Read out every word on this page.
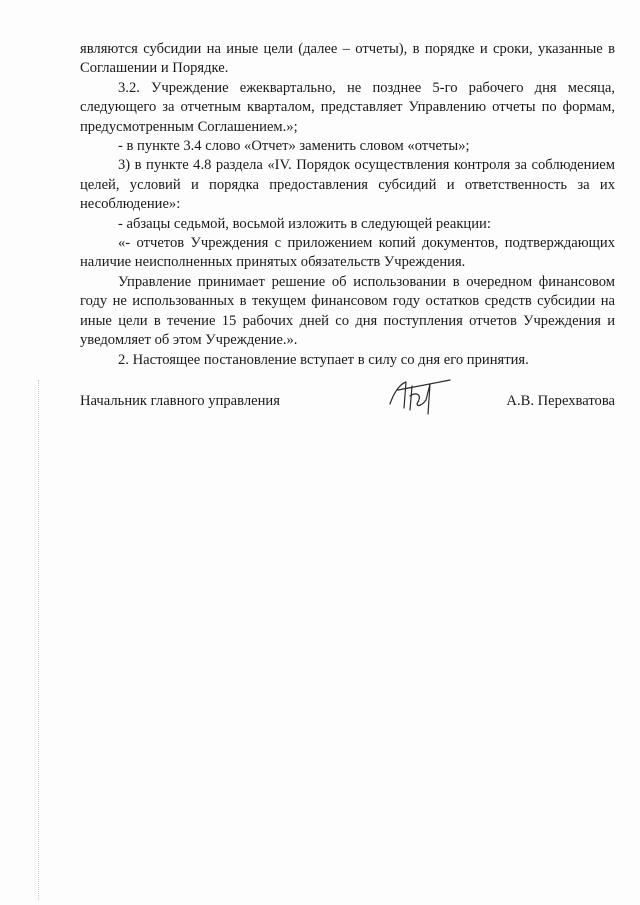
являются субсидии на иные цели (далее – отчеты), в порядке и сроки, указанные в Соглашении и Порядке.

3.2. Учреждение ежеквартально, не позднее 5-го рабочего дня месяца, следующего за отчетным кварталом, представляет Управлению отчеты по формам, предусмотренным Соглашением.»;

- в пункте 3.4 слово «Отчет» заменить словом «отчеты»;

3) в пункте 4.8 раздела «IV. Порядок осуществления контроля за соблюдением целей, условий и порядка предоставления субсидий и ответственность за их несоблюдение»:

- абзацы седьмой, восьмой изложить в следующей реакции:

«- отчетов Учреждения с приложением копий документов, подтверждающих наличие неисполненных принятых обязательств Учреждения.

Управление принимает решение об использовании в очередном финансовом году не использованных в текущем финансовом году остатков средств субсидии на иные цели в течение 15 рабочих дней со дня поступления отчетов Учреждения и уведомляет об этом Учреждение.».

2. Настоящее постановление вступает в силу со дня его принятия.

Начальник главного управления	А.В. Перехватова
